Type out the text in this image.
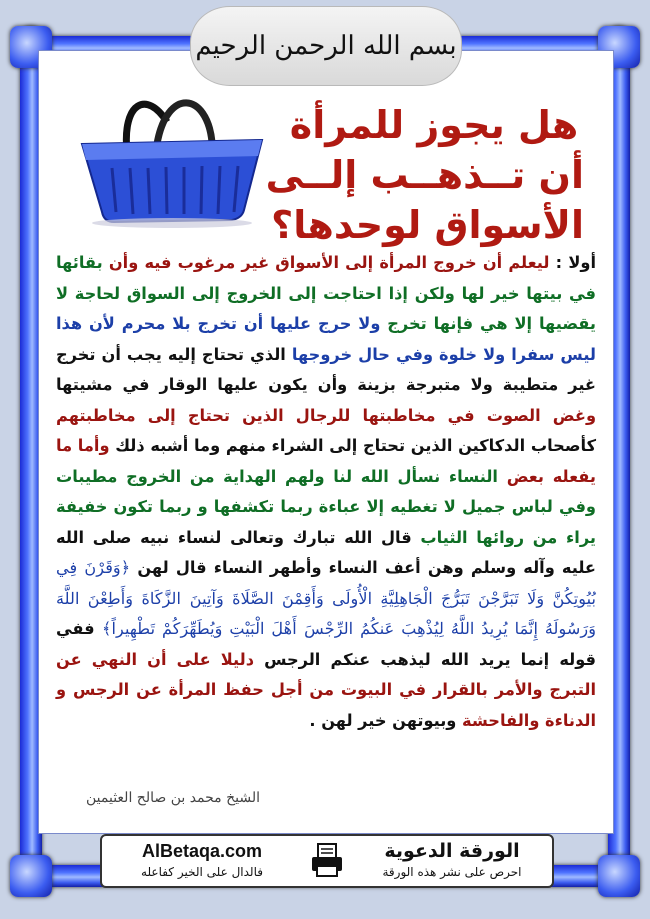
بسم الله الرحمن الرحيم
هل يجوز للمرأة
أن تــذهــب إلــى
الأسواق لوحدها؟
أولا : ليعلم أن خروج المرأة إلى الأسواق غير مرغوب فيه وأن بقائها في بيتها خير لها ولكن إذا احتاجت إلى الخروج إلى السواق لحاجة لا يقضيها إلا هي فإنها تخرج ولا حرج عليها أن تخرج بلا محرم لأن هذا ليس سفرا ولا خلوة وفي حال خروجها الذي تحتاج إليه يجب أن تخرج غير متطيبة ولا متبرجة بزينة وأن يكون عليها الوقار في مشيتها وغض الصوت في مخاطبتها للرجال الذين تحتاج إلى مخاطبتهم كأصحاب الدكاكين الذين تحتاج إلى الشراء منهم وما أشبه ذلك وأما ما يفعله بعض النساء نسأل الله لنا ولهم الهداية من الخروج مطيبات وفي لباس جميل لا تغطيه إلا عباءة ربما تكشفها و ربما تكون خفيفة يراء من روائها الثياب قال الله تبارك وتعالى لنساء نبيه صلى الله عليه وآله وسلم وهن أعف النساء وأطهر النساء قال لهن ﴿وَقَرْنَ فِي بُيُوتِكُنَّ وَلَا تَبَرَّجْنَ تَبَرُّجَ الْجَاهِلِيَّةِ الْأُولَى وَأَقِمْنَ الصَّلَاةَ وَآتِينَ الزَّكَاةَ وَأَطِعْنَ اللَّهَ وَرَسُولَهُ إِنَّمَا يُرِيدُ اللَّهُ لِيُذْهِبَ عَنكُمُ الرِّجْسَ أَهْلَ الْبَيْتِ وَيُطَهِّرَكُمْ تَطْهِيراً﴾ ففي قوله إنما يريد الله ليذهب عنكم الرجس دليلا على أن النهي عن التبرج والأمر بالقرار في البيوت من أجل حفظ المرأة عن الرجس و الدناءة والفاحشة وبيوتهن خير لهن .
الشيخ محمد بن صالح العثيمين
الورقة الدعوية
احرص على نشر هذه الورقة
AlBetaqa.com
فالدال على الخير كفاعله
